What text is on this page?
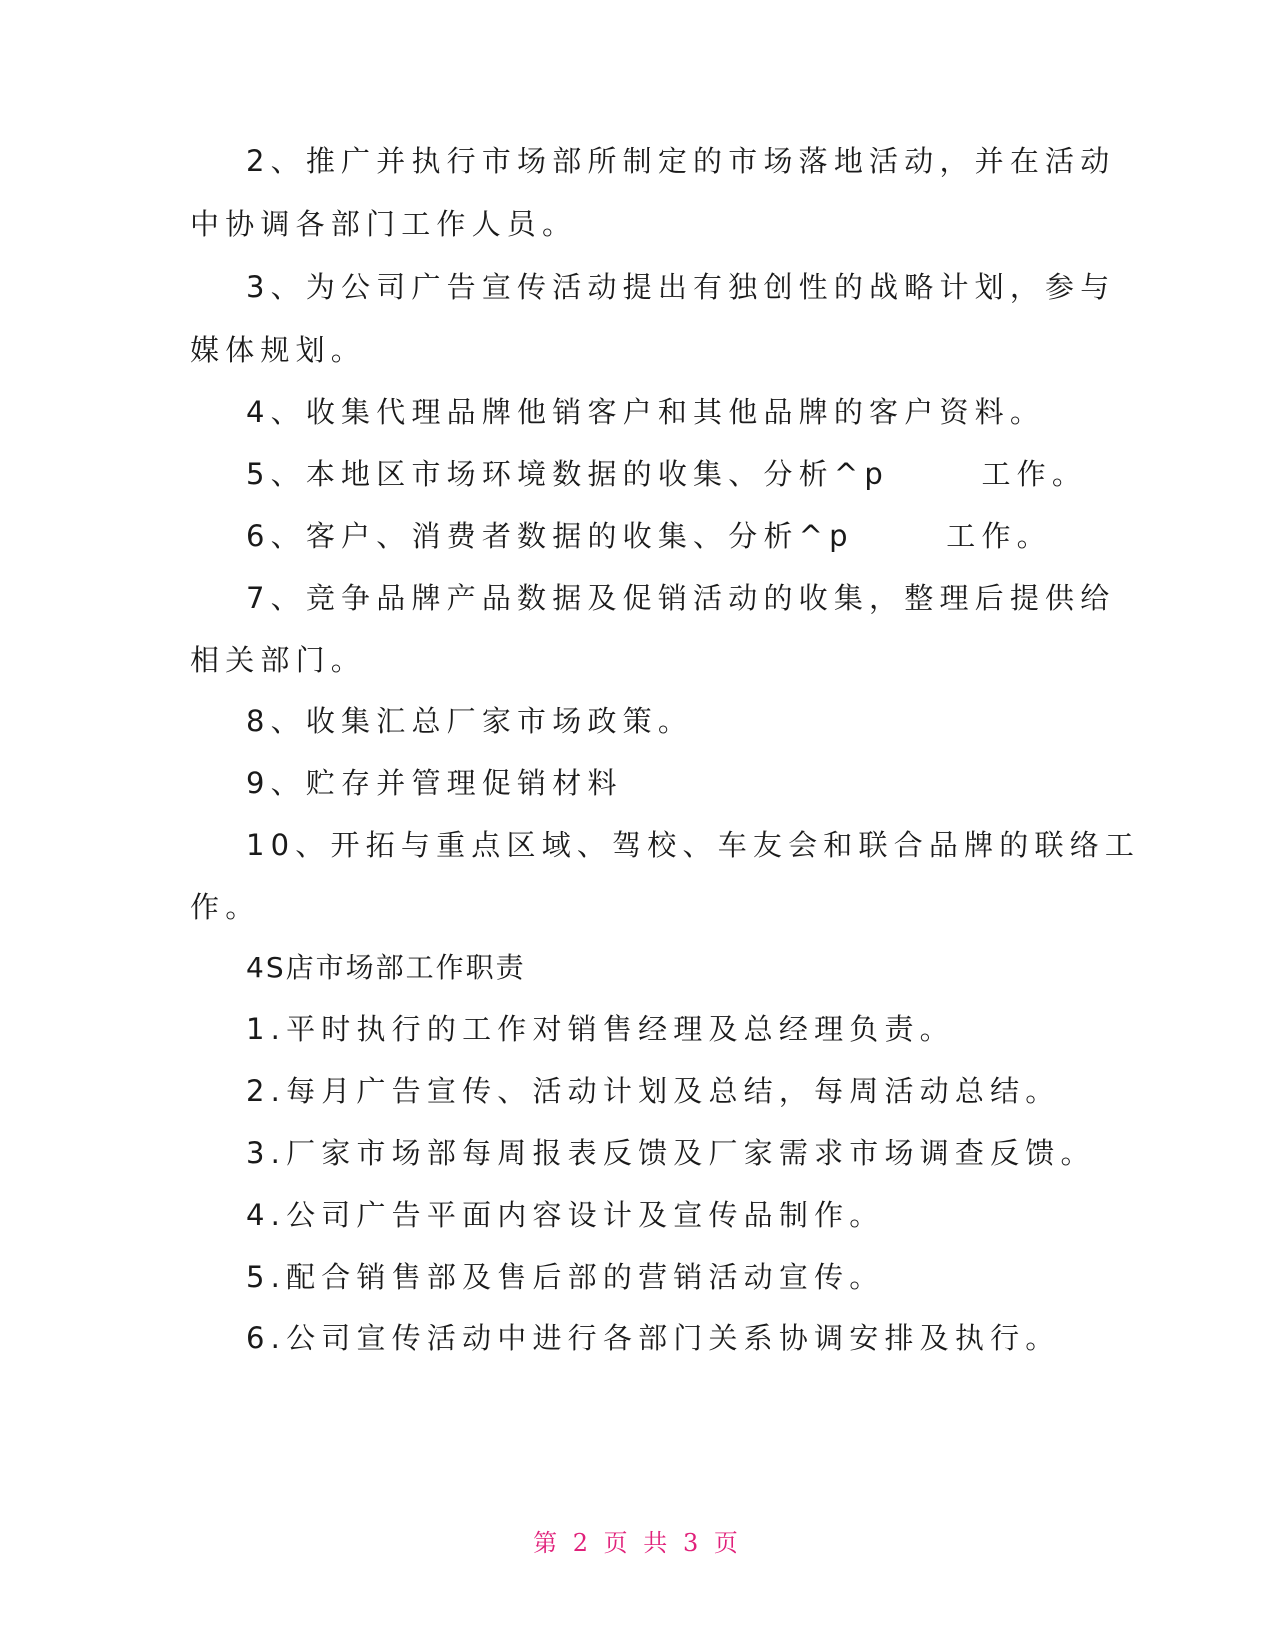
2、推广并执行市场部所制定的市场落地活动，并在活动
中协调各部门工作人员。
3、为公司广告宣传活动提出有独创性的战略计划，参与
媒体规划。
4、收集代理品牌他销客户和其他品牌的客户资料。
5、本地区市场环境数据的收集、分析^p      工作。
6、客户、消费者数据的收集、分析^p      工作。
7、竞争品牌产品数据及促销活动的收集，整理后提供给
相关部门。
8、收集汇总厂家市场政策。
9、贮存并管理促销材料
10、开拓与重点区域、驾校、车友会和联合品牌的联络工
作。
4S店市场部工作职责
1.平时执行的工作对销售经理及总经理负责。
2.每月广告宣传、活动计划及总结，每周活动总结。
3.厂家市场部每周报表反馈及厂家需求市场调查反馈。
4.公司广告平面内容设计及宣传品制作。
5.配合销售部及售后部的营销活动宣传。
6.公司宣传活动中进行各部门关系协调安排及执行。
第 2 页 共 3 页
